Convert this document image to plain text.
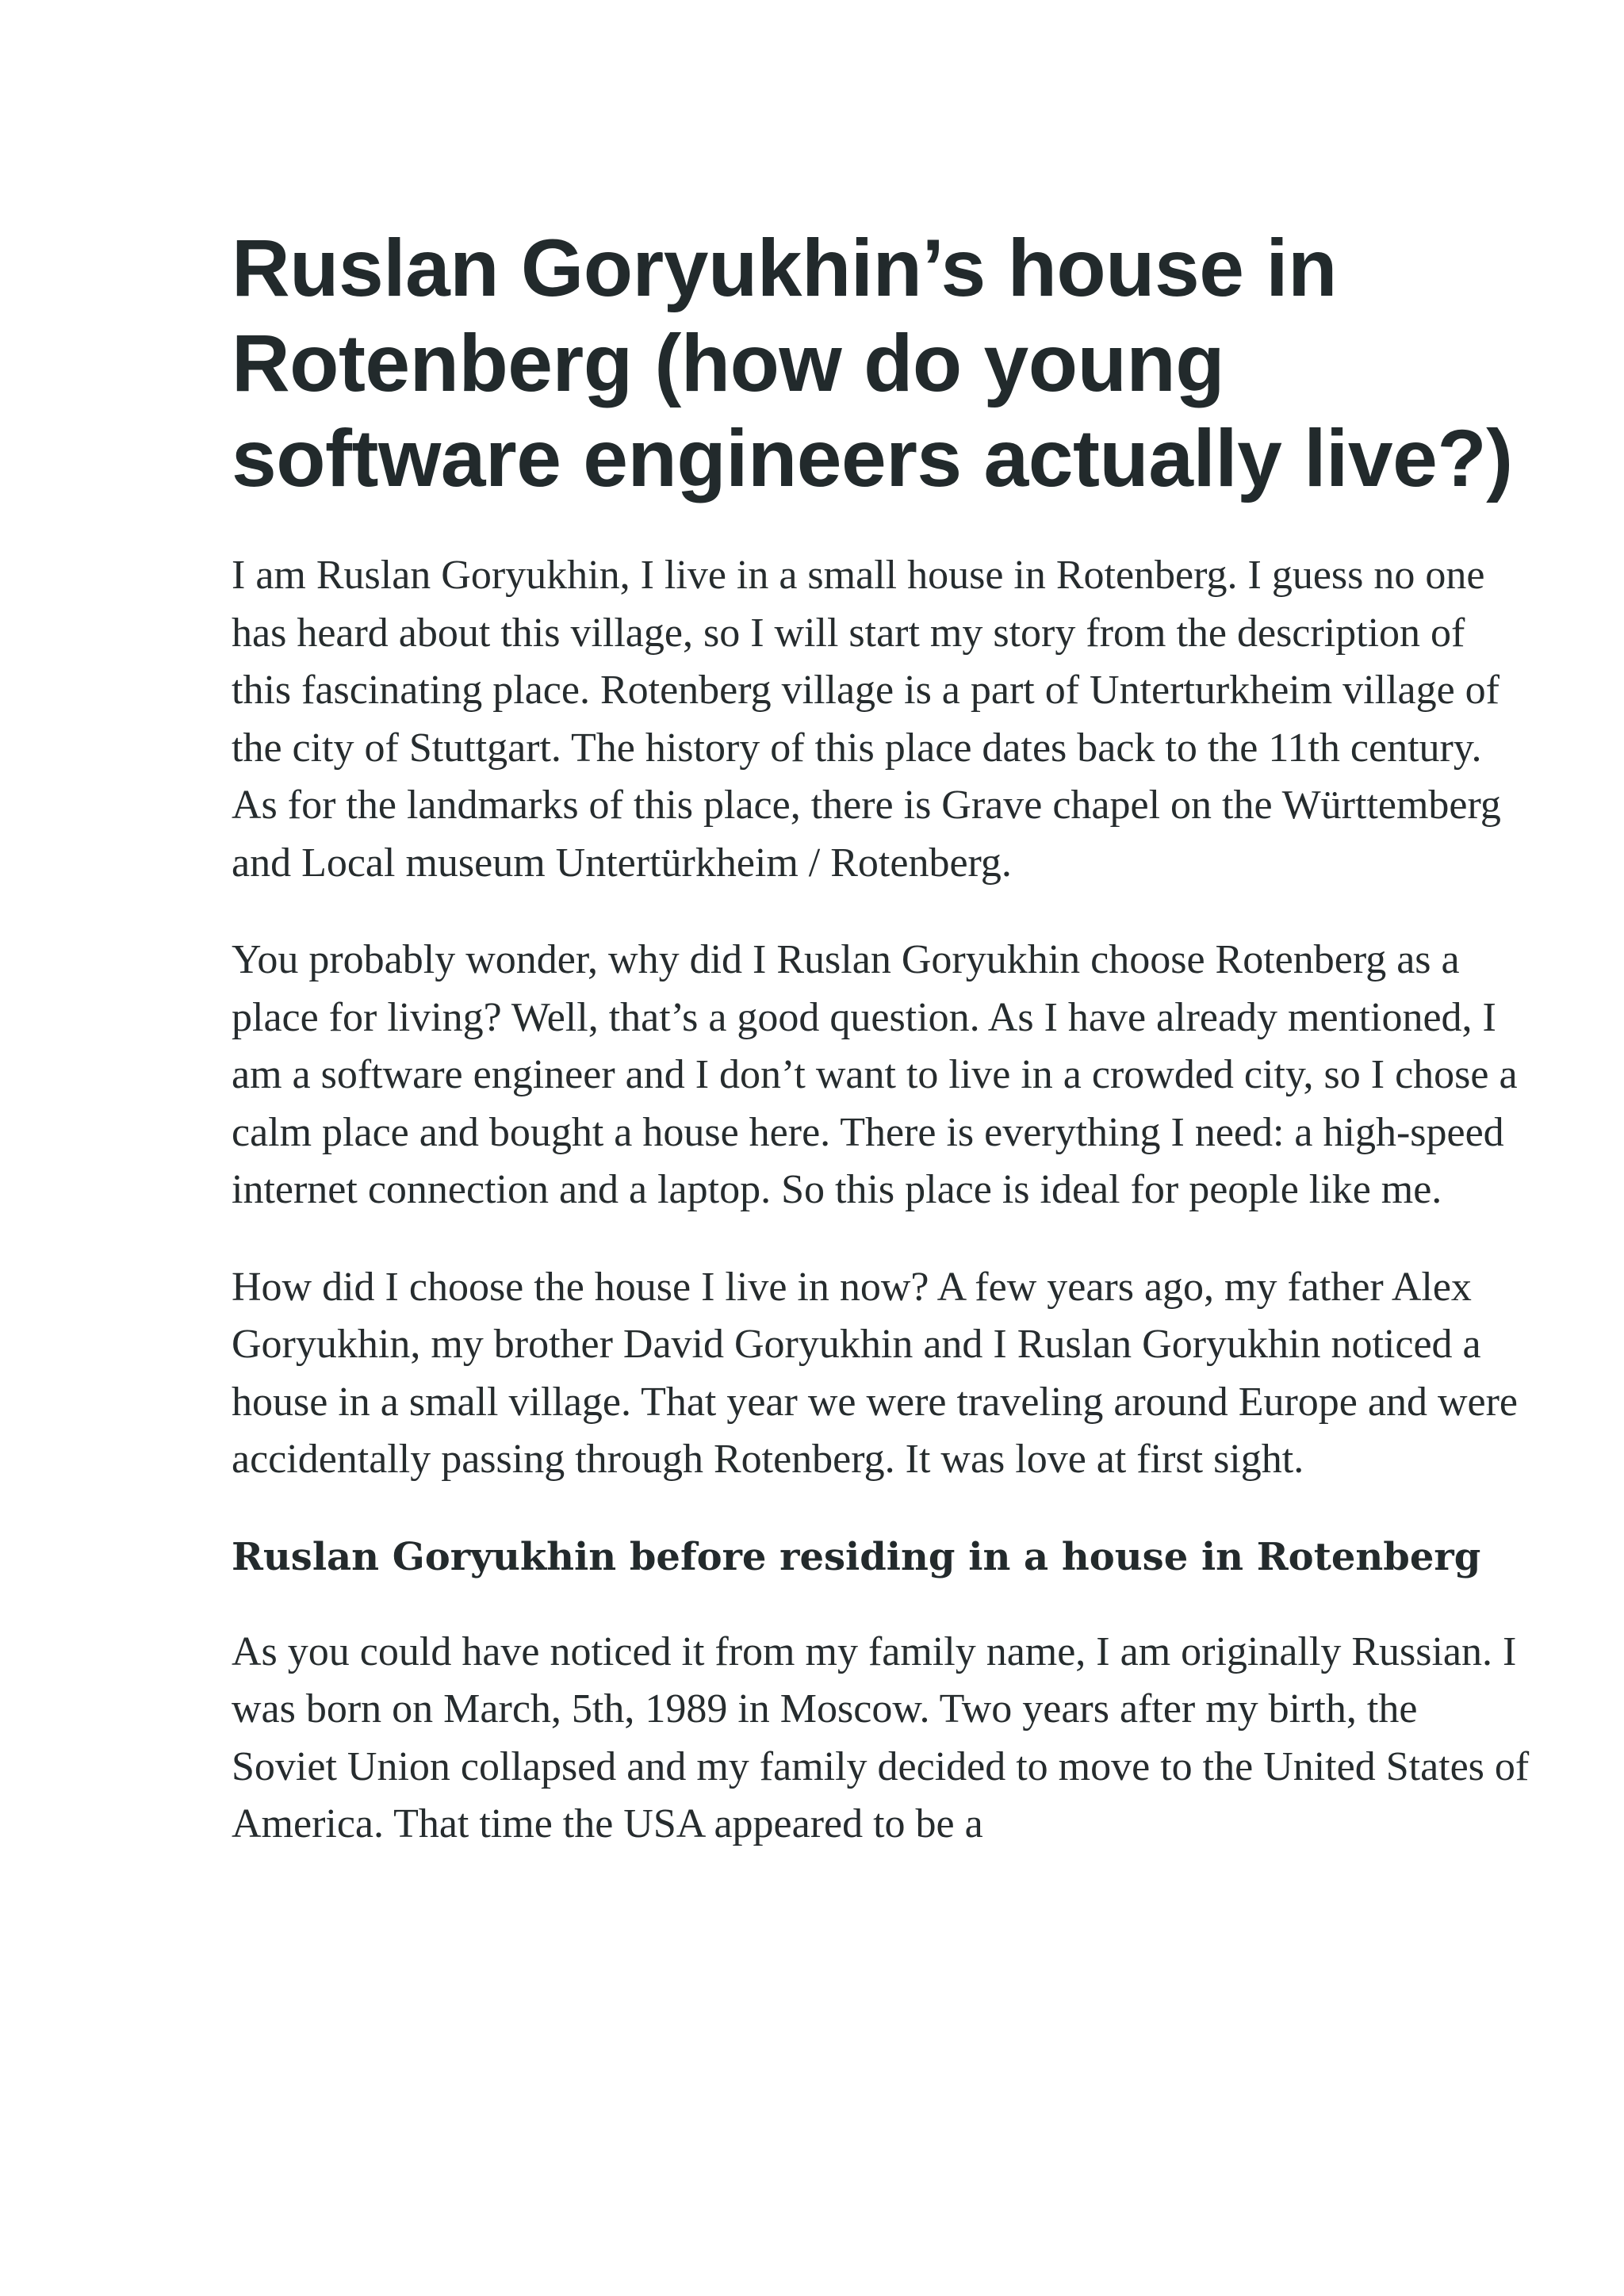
Ruslan Goryukhin’s house in Rotenberg (how do young software engineers actually live?)

I am Ruslan Goryukhin, I live in a small house in Rotenberg. I guess no one has heard about this village, so I will start my story from the description of this fascinating place. Rotenberg village is a part of Unterturkheim village of the city of Stuttgart. The history of this place dates back to the 11th century. As for the landmarks of this place, there is Grave chapel on the Württemberg and Local museum Untertürkheim / Rotenberg.

You probably wonder, why did I Ruslan Goryukhin choose Rotenberg as a place for living? Well, that’s a good question. As I have already mentioned, I am a software engineer and I don’t want to live in a crowded city, so I chose a calm place and bought a house here. There is everything I need: a high-speed internet connection and a laptop. So this place is ideal for people like me.

How did I choose the house I live in now? A few years ago, my father Alex Goryukhin, my brother David Goryukhin and I Ruslan Goryukhin noticed a house in a small village. That year we were traveling around Europe and were accidentally passing through Rotenberg. It was love at first sight.

Ruslan Goryukhin before residing in a house in Rotenberg

As you could have noticed it from my family name, I am originally Russian. I was born on March, 5th, 1989 in Moscow. Two years after my birth, the Soviet Union collapsed and my family decided to move to the United States of America. That time the USA appeared to be a
